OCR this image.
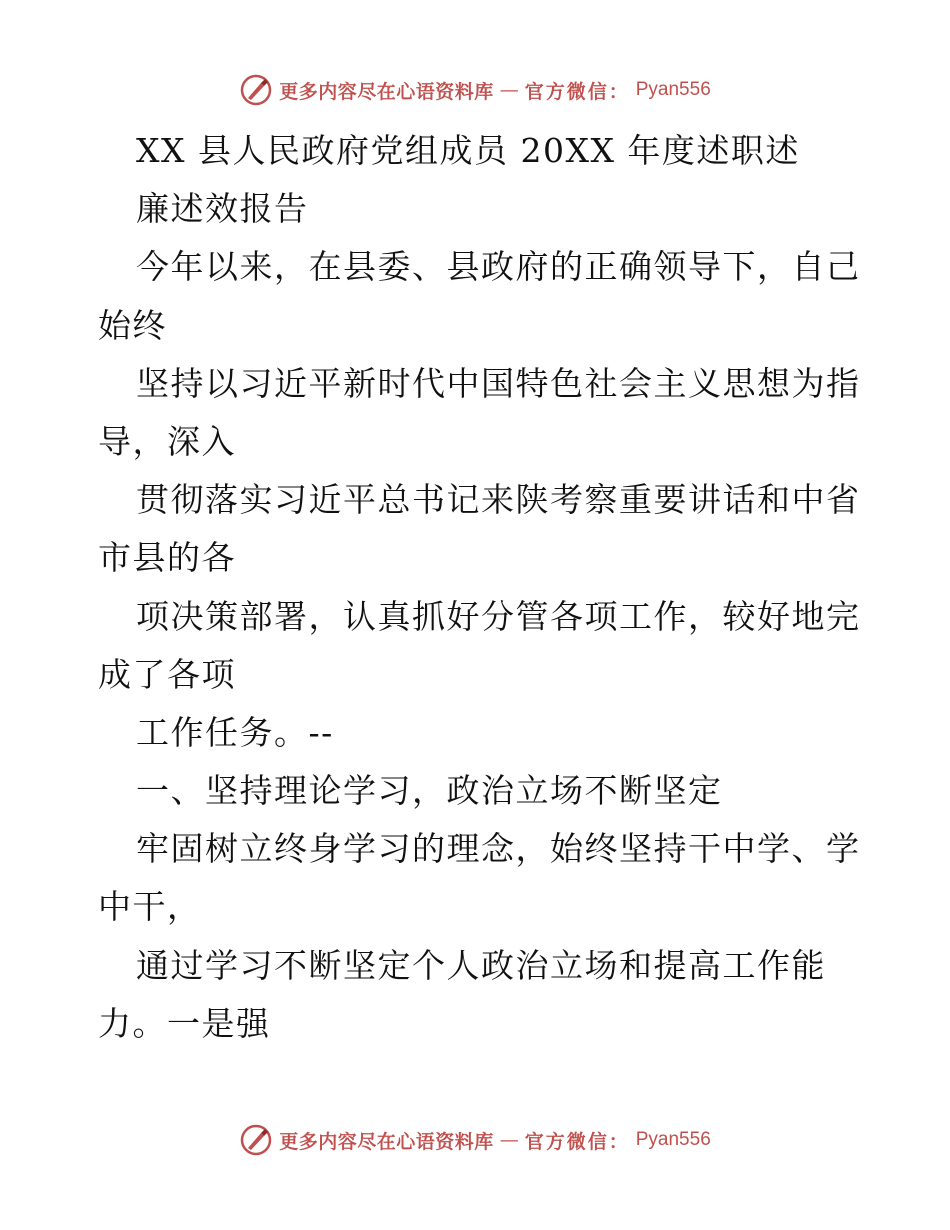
更多内容尽在心语资料库 — 官方微信： Pyan556
XX 县人民政府党组成员 20XX 年度述职述
廉述效报告
今年以来，在县委、县政府的正确领导下，自己
始终
坚持以习近平新时代中国特色社会主义思想为指
导，深入
贯彻落实习近平总书记来陕考察重要讲话和中省
市县的各
项决策部署，认真抓好分管各项工作，较好地完
成了各项
工作任务。--
一、坚持理论学习，政治立场不断坚定
牢固树立终身学习的理念，始终坚持干中学、学
中干，
通过学习不断坚定个人政治立场和提高工作能
力。一是强
更多内容尽在心语资料库 — 官方微信： Pyan556
